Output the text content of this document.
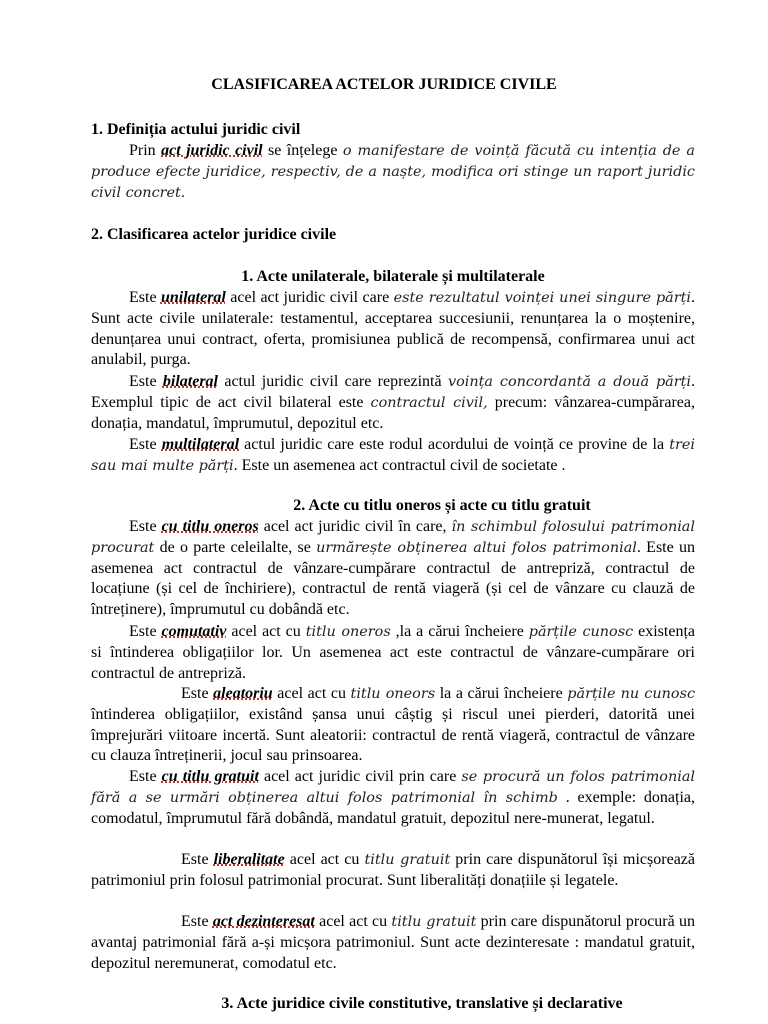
CLASIFICAREA ACTELOR JURIDICE CIVILE

1. Definiția actului juridic civil

Prin act juridic civil se înțelege o manifestare de voință făcută cu intenția de a produce efecte juridice, respectiv, de a naște, modifica ori stinge un raport juridic civil concret.

2. Clasificarea actelor juridice civile

1. Acte unilaterale, bilaterale și multilaterale

Este unilateral acel act juridic civil care este rezultatul voinței unei singure părți. Sunt acte civile unilaterale: testamentul, acceptarea succesiunii, renunțarea la o moștenire, denunțarea unui contract, oferta, promisiunea publică de recompensă, confirmarea unui act anulabil, purga.

Este bilateral actul juridic civil care reprezintă voința concordantă a două părți. Exemplul tipic de act civil bilateral este contractul civil, precum: vânzarea-cumpărarea, donația, mandatul, împrumutul, depozitul etc.

Este multilateral actul juridic care este rodul acordului de voință ce provine de la trei sau mai multe părți. Este un asemenea act contractul civil de societate .

2. Acte cu titlu oneros și acte cu titlu gratuit

Este cu titlu oneros acel act juridic civil în care, în schimbul folosului patrimonial procurat de o parte celeilalte, se urmărește obținerea altui folos patrimonial. Este un asemenea act contractul de vânzare-cumpărare contractul de antrepriză, contractul de locațiune (și cel de închiriere), contractul de rentă viageră (și cel de vânzare cu clauză de întreținere), împrumutul cu dobândă etc.

Este comutativ acel act cu titlu oneros ,la a cărui încheiere părțile cunosc existența si întinderea obligațiilor lor. Un asemenea act este contractul de vânzare-cumpărare ori contractul de antrepriză.

Este aleatoriu acel act cu titlu oneors la a cărui încheiere părțile nu cunosc întinderea obligațiilor, existând șansa unui câștig și riscul unei pierderi, datorită unei împrejurări viitoare incertă. Sunt aleatorii: contractul de rentă viageră, contractul de vânzare cu clauza întreținerii, jocul sau prinsoarea.

Este cu titlu gratuit acel act juridic civil prin care se procură un folos patrimonial fără a se urmări obținerea altui folos patrimonial în schimb . exemple: donația, comodatul, împrumutul fără dobândă, mandatul gratuit, depozitul nere-munerat, legatul.

Este liberalitate acel act cu titlu gratuit prin care dispunătorul își micșorează patrimoniul prin folosul patrimonial procurat. Sunt liberalități donațiile și legatele.

Este act dezinteresat acel act cu titlu gratuit prin care dispunătorul procură un avantaj patrimonial fără a-și micșora patrimoniul. Sunt acte dezinteresate : mandatul gratuit, depozitul neremunerat, comodatul etc.

3. Acte juridice civile constitutive, translative și declarative
